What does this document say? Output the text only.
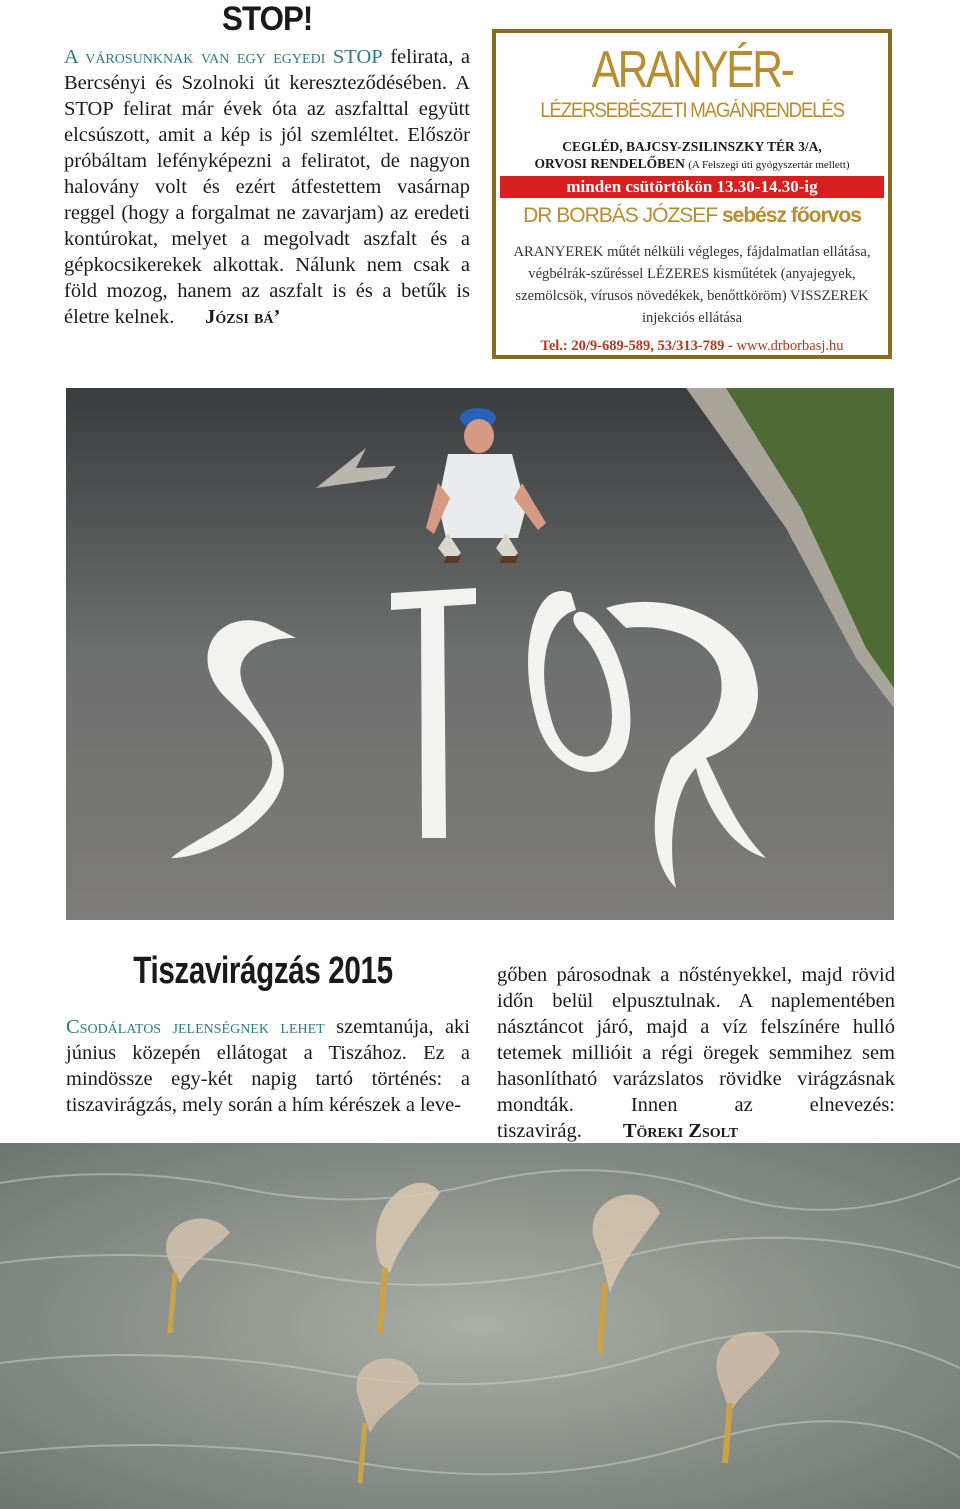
STOP!
A városunknak van egy egyedi STOP felirata, a Bercsényi és Szolnoki út kereszteződésében. A STOP felirat már évek óta az aszfalttal együtt elcsúszott, amit a kép is jól szemléltet. Először próbáltam lefényképezni a feliratot, de nagyon halovány volt és ezért átfestettem vasárnap reggel (hogy a forgalmat ne zavarjam) az eredeti kontúrokat, melyet a megolvadt aszfalt és a gépkocsikerekek alkottak. Nálunk nem csak a föld mozog, hanem az aszfalt is és a betűk is életre kelnek. Józsi bá’
ARANYÉR-
LÉZERSEBÉSZETI MAGÁNRENDELÉS
CEGLÉD, BAJCSY-ZSILINSZKY TÉR 3/A,
ORVOSI RENDELŐBEN (A Felszegi úti gyógyszertár mellett)
minden csütörtökön 13.30-14.30-ig
DR BORBÁS JÓZSEF sebész főorvos
ARANYEREK műtét nélküli végleges, fájdalmatlan ellátása, végbélrák-szűréssel LÉZERES kisműtétek (anyajegyek, szemölcsök, vírusos növedékek, benőttköröm) VISSZEREK injekciós ellátása
Tel.: 20/9-689-589, 53/313-789 - www.drborbasj.hu
Tiszavirágzás 2015
Csodálatos jelenségnek lehet szemtanúja, aki június közepén ellátogat a Tiszához. Ez a mindössze egy-két napig tartó történés: a tiszavirágzás, mely során a hím kérészek a leve-
gőben párosodnak a nőstényekkel, majd rövid időn belül elpusztulnak. A naplementében násztáncot járó, majd a víz felszínére hulló tetemek millióit a régi öregek semmihez sem hasonlítható varázslatos rövidke virágzásnak mondták. Innen az elnevezés: tiszavirág. Töreki Zsolt
